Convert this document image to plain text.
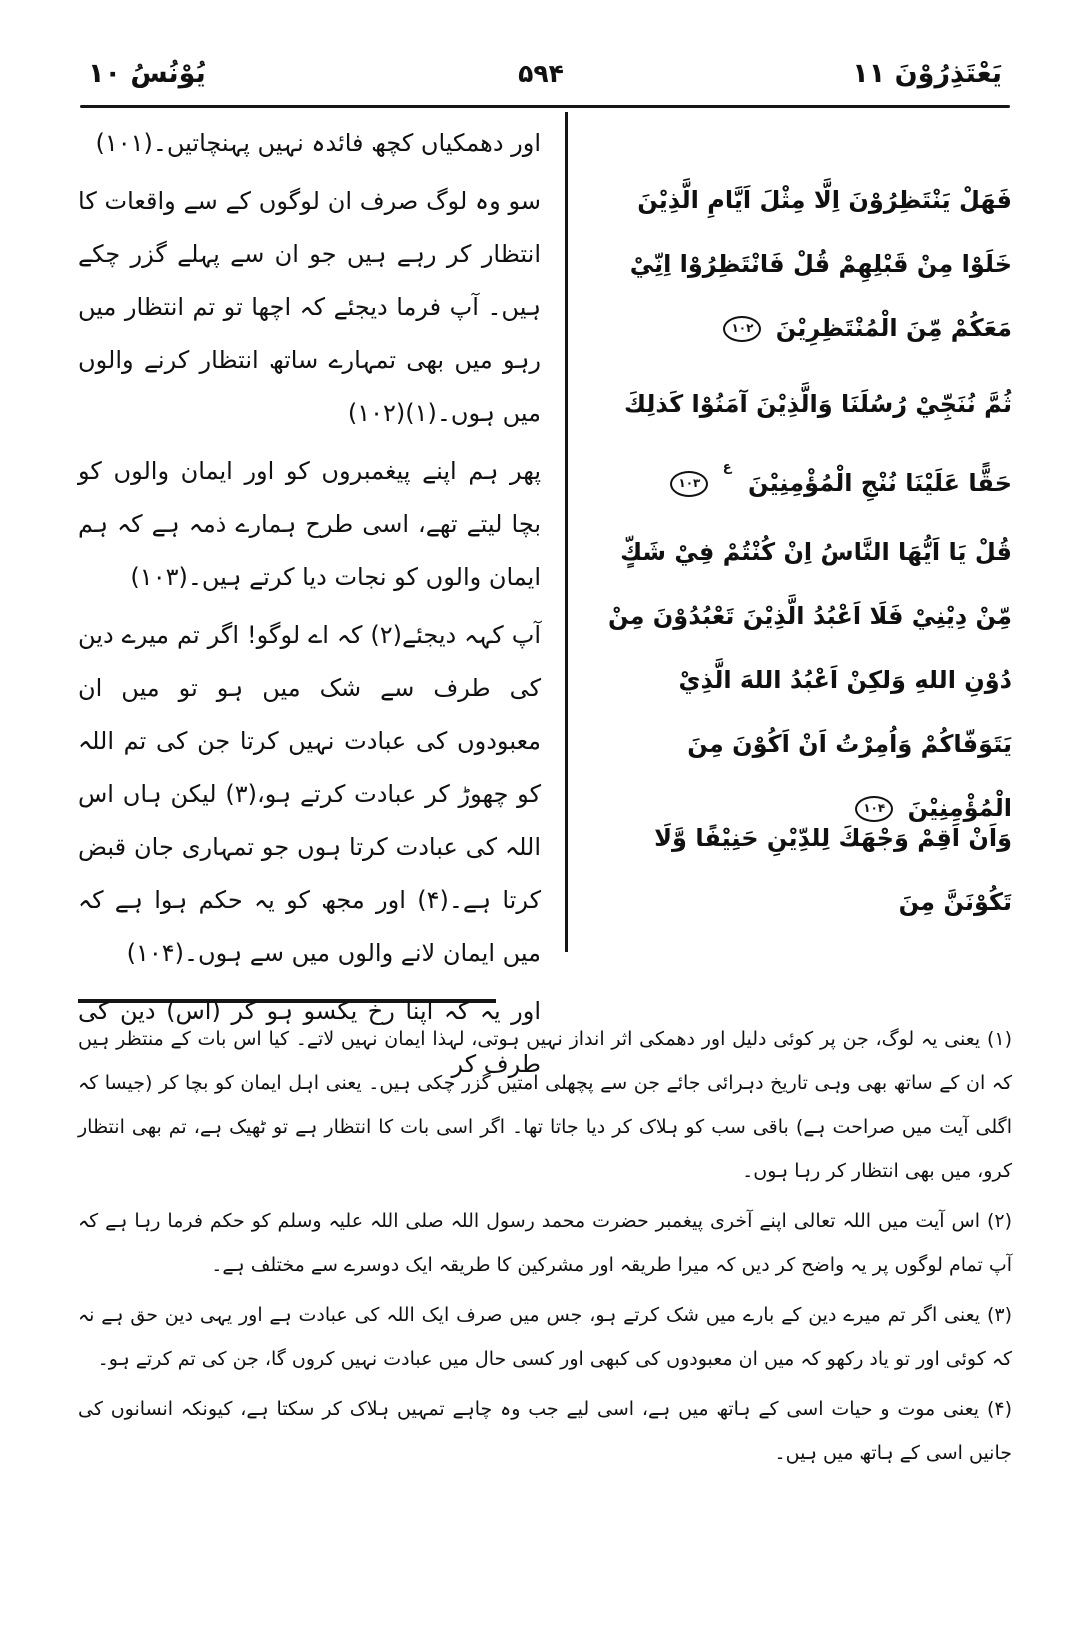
یَعْتَذِرُوْنَ ۱۱
۵۹۴
یُوْنُسُ ۱۰
فَهَلْ يَنْتَظِرُوْنَ اِلَّا مِثْلَ اَيَّامِ الَّذِيْنَ خَلَوْا مِنْ قَبْلِهِمْ قُلْ فَانْتَظِرُوْا اِنِّيْ مَعَكُمْ مِّنَ الْمُنْتَظِرِيْنَ ۱۰۲
ثُمَّ نُنَجِّيْ رُسُلَنَا وَالَّذِيْنَ آمَنُوْا كَذلِكَ حَقًّا عَلَيْنَا نُنْجِ الْمُؤْمِنِيْنَ $^ع$ ۱۰۳
قُلْ يَا اَيُّهَا النَّاسُ اِنْ كُنْتُمْ فِيْ شَكٍّ مِّنْ دِيْنِيْ فَلَا اَعْبُدُ الَّذِيْنَ تَعْبُدُوْنَ مِنْ دُوْنِ اللهِ وَلكِنْ اَعْبُدُ اللهَ الَّذِيْ يَتَوَفّاكُمْ وَاُمِرْتُ اَنْ اَكُوْنَ مِنَ الْمُؤْمِنِيْنَ ۱۰۴
وَاَنْ اَقِمْ وَجْهَكَ لِلدِّيْنِ حَنِيْفًا وَّلَا تَكُوْنَنَّ مِنَ

اور دھمکیاں کچھ فائدہ نہیں پہنچاتیں۔(۱۰۱)

سو وہ لوگ صرف ان لوگوں کے سے واقعات کا انتظار کر رہے ہیں جو ان سے پہلے گزر چکے ہیں۔ آپ فرما دیجئے کہ اچھا تو تم انتظار میں رہو میں بھی تمہارے ساتھ انتظار کرنے والوں میں ہوں۔(۱)(۱۰۲)

پھر ہم اپنے پیغمبروں کو اور ایمان والوں کو بچا لیتے تھے، اسی طرح ہمارے ذمہ ہے کہ ہم ایمان والوں کو نجات دیا کرتے ہیں۔(۱۰۳)

آپ کہہ دیجئے(۲) کہ اے لوگو! اگر تم میرے دین کی طرف سے شک میں ہو تو میں ان معبودوں کی عبادت نہیں کرتا جن کی تم اللہ کو چھوڑ کر عبادت کرتے ہو،(۳) لیکن ہاں اس اللہ کی عبادت کرتا ہوں جو تمہاری جان قبض کرتا ہے۔(۴) اور مجھ کو یہ حکم ہوا ہے کہ میں ایمان لانے والوں میں سے ہوں۔(۱۰۴)

اور یہ کہ اپنا رخ یکسو ہو کر (اس) دین کی طرف کر

(۱) یعنی یہ لوگ، جن پر کوئی دلیل اور دھمکی اثر انداز نہیں ہوتی، لہذا ایمان نہیں لاتے۔ کیا اس بات کے منتظر ہیں کہ ان کے ساتھ بھی وہی تاریخ دہرائی جائے جن سے پچھلی امتیں گزر چکی ہیں۔ یعنی اہل ایمان کو بچا کر (جیسا کہ اگلی آیت میں صراحت ہے) باقی سب کو ہلاک کر دیا جاتا تھا۔ اگر اسی بات کا انتظار ہے تو ٹھیک ہے، تم بھی انتظار کرو، میں بھی انتظار کر رہا ہوں۔
(۲) اس آیت میں اللہ تعالی اپنے آخری پیغمبر حضرت محمد رسول اللہ صلی اللہ علیہ وسلم کو حکم فرما رہا ہے کہ آپ تمام لوگوں پر یہ واضح کر دیں کہ میرا طریقہ اور مشرکین کا طریقہ ایک دوسرے سے مختلف ہے۔
(۳) یعنی اگر تم میرے دین کے بارے میں شک کرتے ہو، جس میں صرف ایک اللہ کی عبادت ہے اور یہی دین حق ہے نہ کہ کوئی اور تو یاد رکھو کہ میں ان معبودوں کی کبھی اور کسی حال میں عبادت نہیں کروں گا، جن کی تم کرتے ہو۔
(۴) یعنی موت و حیات اسی کے ہاتھ میں ہے، اسی لیے جب وہ چاہے تمہیں ہلاک کر سکتا ہے، کیونکہ انسانوں کی جانیں اسی کے ہاتھ میں ہیں۔
